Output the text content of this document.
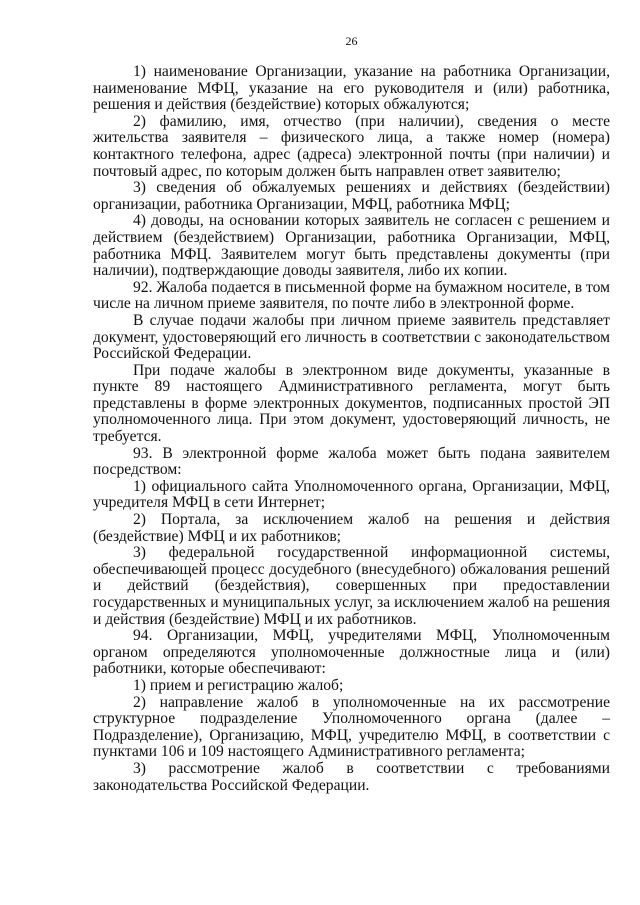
26

1) наименование Организации, указание на работника Организации, наименование МФЦ, указание на его руководителя и (или) работника, решения и действия (бездействие) которых обжалуются;

2) фамилию, имя, отчество (при наличии), сведения о месте жительства заявителя – физического лица, а также номер (номера) контактного телефона, адрес (адреса) электронной почты (при наличии) и почтовый адрес, по которым должен быть направлен ответ заявителю;

3) сведения об обжалуемых решениях и действиях (бездействии) организации, работника Организации, МФЦ, работника МФЦ;

4) доводы, на основании которых заявитель не согласен с решением и действием (бездействием) Организации, работника Организации, МФЦ, работника МФЦ. Заявителем могут быть представлены документы (при наличии), подтверждающие доводы заявителя, либо их копии.

92. Жалоба подается в письменной форме на бумажном носителе, в том числе на личном приеме заявителя, по почте либо в электронной форме.

В случае подачи жалобы при личном приеме заявитель представляет документ, удостоверяющий его личность в соответствии с законодательством Российской Федерации.

При подаче жалобы в электронном виде документы, указанные в пункте 89 настоящего Административного регламента, могут быть представлены в форме электронных документов, подписанных простой ЭП уполномоченного лица. При этом документ, удостоверяющий личность, не требуется.

93. В электронной форме жалоба может быть подана заявителем посредством:

1) официального сайта Уполномоченного органа, Организации, МФЦ, учредителя МФЦ в сети Интернет;

2) Портала, за исключением жалоб на решения и действия (бездействие) МФЦ и их работников;

3) федеральной государственной информационной системы, обеспечивающей процесс досудебного (внесудебного) обжалования решений и действий (бездействия), совершенных при предоставлении государственных и муниципальных услуг, за исключением жалоб на решения и действия (бездействие) МФЦ и их работников.

94. Организации, МФЦ, учредителями МФЦ, Уполномоченным органом определяются уполномоченные должностные лица и (или) работники, которые обеспечивают:

1) прием и регистрацию жалоб;

2) направление жалоб в уполномоченные на их рассмотрение структурное подразделение Уполномоченного органа (далее – Подразделение), Организацию, МФЦ, учредителю МФЦ, в соответствии с пунктами 106 и 109 настоящего Административного регламента;

3) рассмотрение жалоб в соответствии с требованиями законодательства Российской Федерации.
